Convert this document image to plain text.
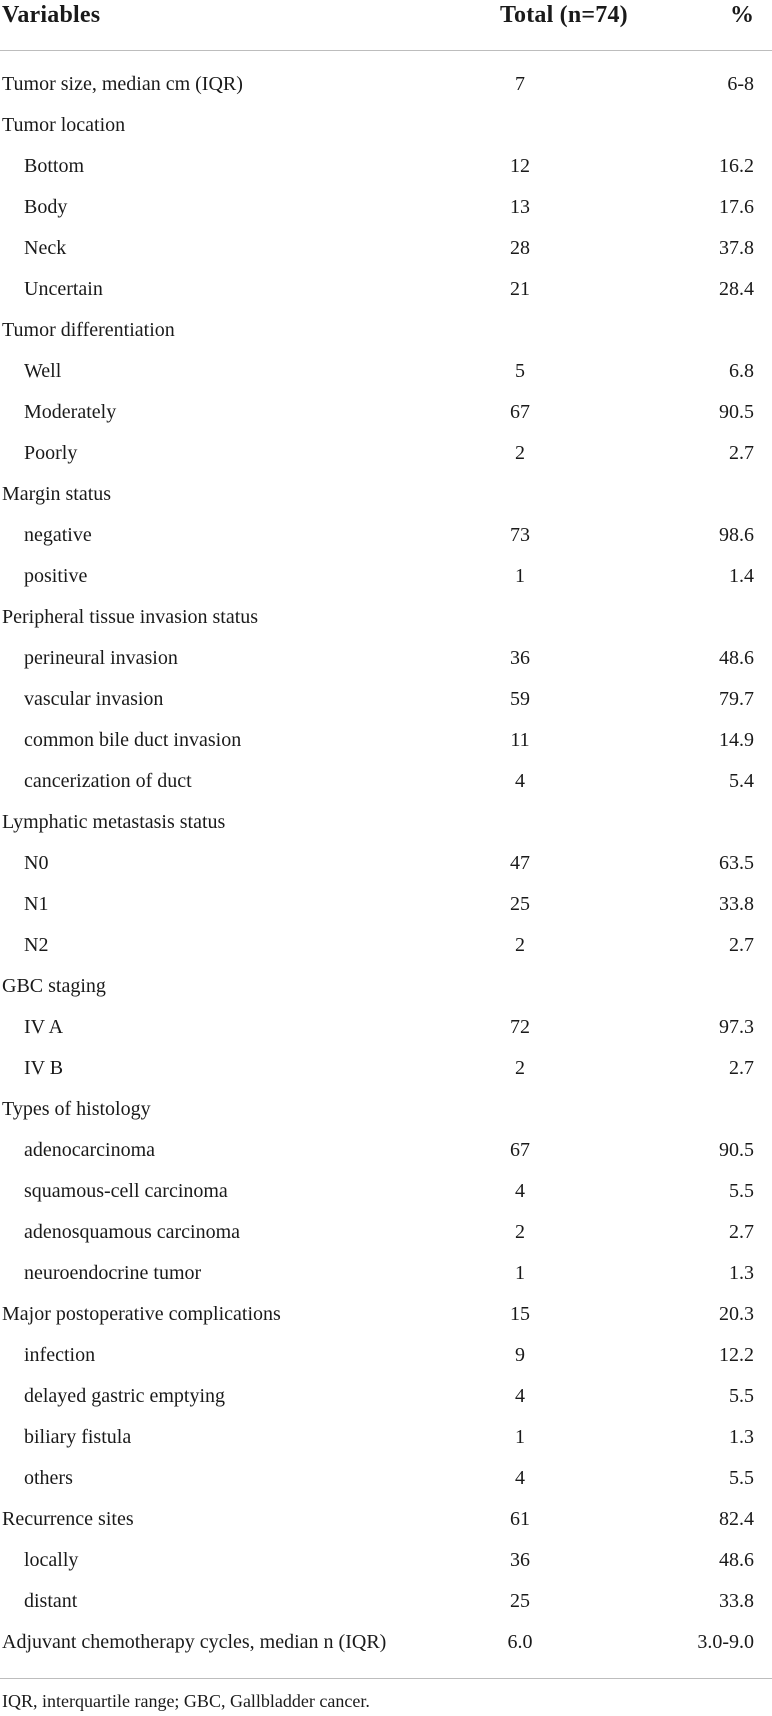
Variables	Total (n=74)	%
Tumor size, median cm (IQR)	7	6-8
Tumor location
Bottom	12	16.2
Body	13	17.6
Neck	28	37.8
Uncertain	21	28.4
Tumor differentiation
Well	5	6.8
Moderately	67	90.5
Poorly	2	2.7
Margin status
negative	73	98.6
positive	1	1.4
Peripheral tissue invasion status
perineural invasion	36	48.6
vascular invasion	59	79.7
common bile duct invasion	11	14.9
cancerization of duct	4	5.4
Lymphatic metastasis status
N0	47	63.5
N1	25	33.8
N2	2	2.7
GBC staging
IV A	72	97.3
IV B	2	2.7
Types of histology
adenocarcinoma	67	90.5
squamous-cell carcinoma	4	5.5
adenosquamous carcinoma	2	2.7
neuroendocrine tumor	1	1.3
Major postoperative complications	15	20.3
infection	9	12.2
delayed gastric emptying	4	5.5
biliary fistula	1	1.3
others	4	5.5
Recurrence sites	61	82.4
locally	36	48.6
distant	25	33.8
Adjuvant chemotherapy cycles, median n (IQR)	6.0	3.0-9.0
IQR, interquartile range; GBC, Gallbladder cancer.
